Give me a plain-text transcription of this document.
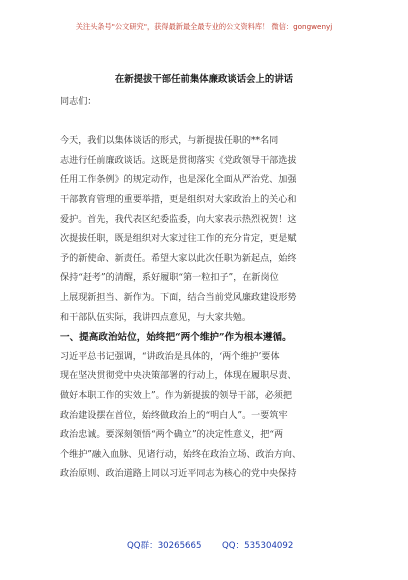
关注头条号"公文研究"，获得最新最全最专业的公文资料库！ 微信：gongwenyj
在新提拔干部任前集体廉政谈话会上的讲话
同志们：
今天，我们以集体谈话的形式，与新提拔任职的**名同
志进行任前廉政谈话。这既是贯彻落实《党政领导干部选拔
任用工作条例》的规定动作，也是深化全面从严治党、加强
干部教育管理的重要举措，更是组织对大家政治上的关心和
爱护。首先，我代表区纪委监委，向大家表示热烈祝贺！这
次提拔任职，既是组织对大家过往工作的充分肯定，更是赋
予的新使命、新责任。希望大家以此次任职为新起点，始终
保持“赶考”的清醒，系好履职“第一粒扣子”，在新岗位
上展现新担当、新作为。下面，结合当前党风廉政建设形势
和干部队伍实际，我讲四点意见，与大家共勉。
一、提高政治站位，始终把“两个维护”作为根本遵循。
习近平总书记强调，“讲政治是具体的，‘两个维护’要体
现在坚决贯彻党中央决策部署的行动上，体现在履职尽责、
做好本职工作的实效上”。作为新提拔的领导干部，必须把
政治建设摆在首位，始终做政治上的“明白人”。一要筑牢
政治忠诚。要深刻领悟“两个确立”的决定性意义，把“两
个维护”融入血脉、见诸行动，始终在政治立场、政治方向、
政治原则、政治道路上同以习近平同志为核心的党中央保持
QQ群：30265665 QQ：535304092
